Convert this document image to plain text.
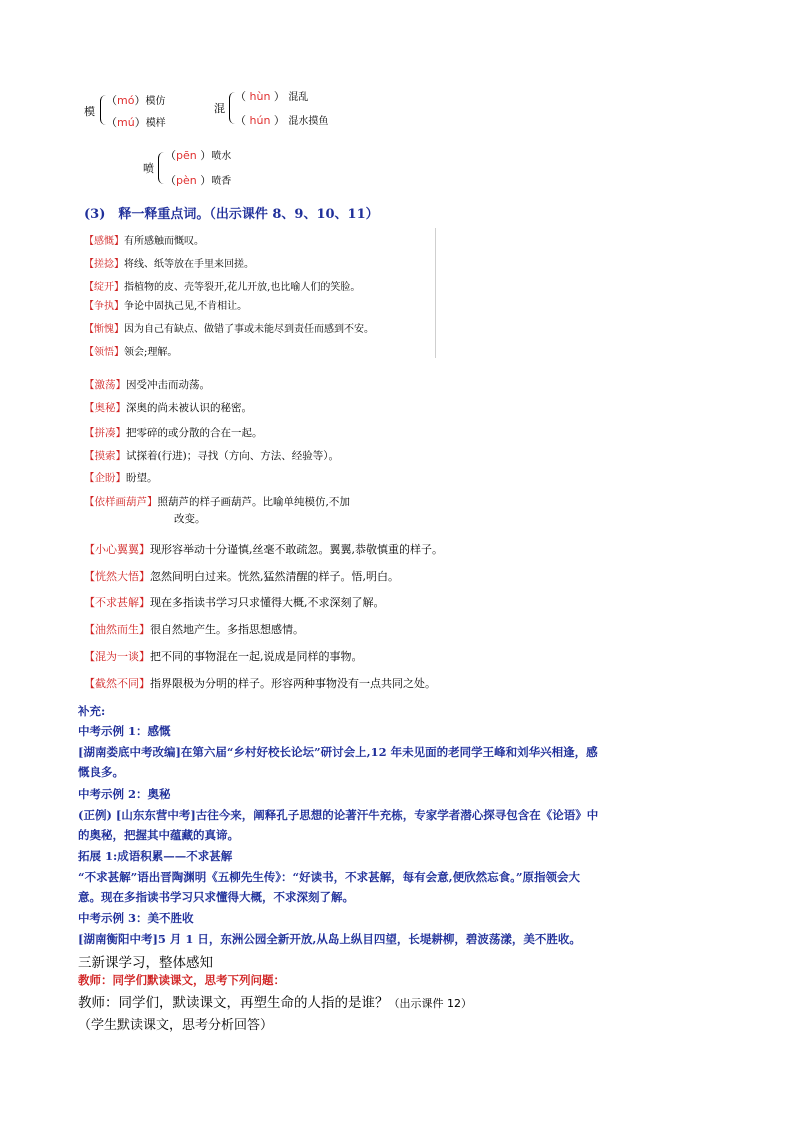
模
（mó）模仿
（mú）模样
混
（ hùn ） 混乱
（ hún ） 混水摸鱼
喷
（pēn ）喷水
（pèn ）喷香
(3)　释一释重点词。（出示课件 8、9、10、11）
【感慨】有所感触而慨叹。
【搓捻】将线、纸等放在手里来回搓。
【绽开】指植物的皮、壳等裂开,花儿开放,也比喻人们的笑脸。
【争执】争论中固执己见,不肯相让。
【惭愧】因为自己有缺点、做错了事或未能尽到责任而感到不安。
【领悟】领会;理解。
【激荡】因受冲击而动荡。
【奥秘】深奥的尚未被认识的秘密。
【拼凑】把零碎的或分散的合在一起。
【摸索】试探着(行进)；寻找（方向、方法、经验等）。
【企盼】盼望。
【依样画葫芦】照葫芦的样子画葫芦。比喻单纯模仿,不加
改变。
【小心翼翼】现形容举动十分谨慎,丝毫不敢疏忽。翼翼,恭敬慎重的样子。
【恍然大悟】忽然间明白过来。恍然,猛然清醒的样子。悟,明白。
【不求甚解】现在多指读书学习只求懂得大概,不求深刻了解。
【油然而生】很自然地产生。多指思想感情。
【混为一谈】把不同的事物混在一起,说成是同样的事物。
【截然不同】指界限极为分明的样子。形容两种事物没有一点共同之处。
补充:
中考示例 1：感慨
[湖南娄底中考改编]在第六届“乡村好校长论坛”研讨会上,12 年未见面的老同学王峰和刘华兴相逢，感
慨良多。
中考示例 2：奥秘
(正例) [山东东营中考]古往今来，阐释孔子思想的论著汗牛充栋，专家学者潜心探寻包含在《论语》中
的奥秘，把握其中蕴藏的真谛。
拓展 1:成语积累——不求甚解
“不求甚解”语出晋陶渊明《五柳先生传》：“好读书，不求甚解，每有会意,便欣然忘食。”原指领会大
意。现在多指读书学习只求懂得大概，不求深刻了解。
中考示例 3：美不胜收
[湖南衡阳中考]5 月 1 日，东洲公园全新开放,从岛上纵目四望，长堤耕柳，碧波荡漾，美不胜收。
三新课学习，整体感知
教师：同学们默读课文，思考下列问题：
教师：同学们，默读课文，再塑生命的人指的是谁？（出示课件 12）
（学生默读课文，思考分析回答）
